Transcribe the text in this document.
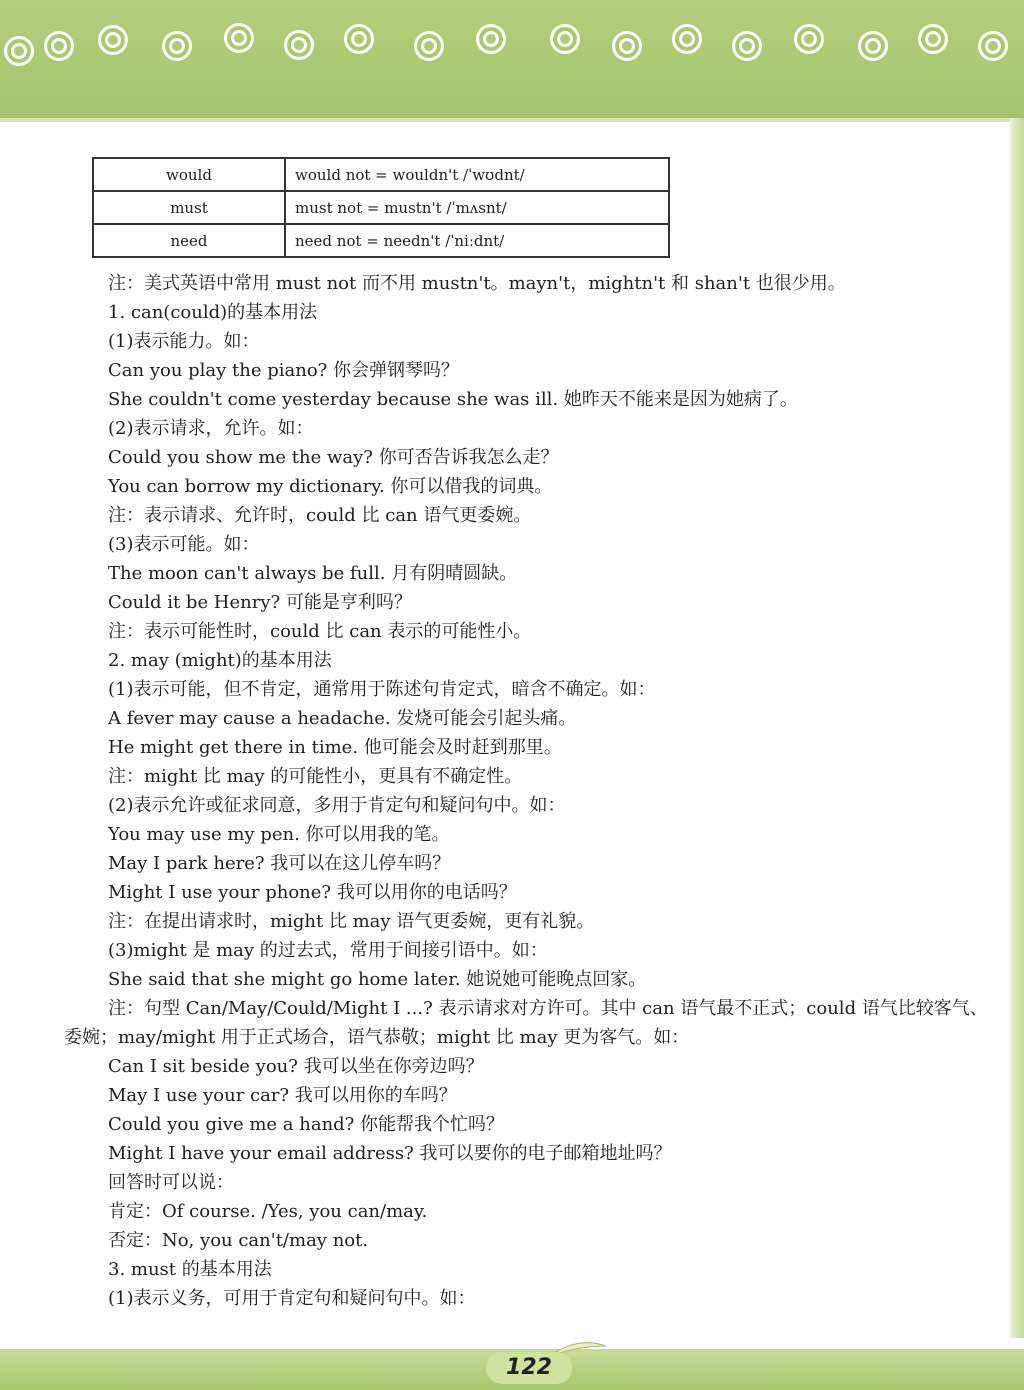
would	would not = wouldn't /ˈwʊdnt/
must	must not = mustn't /ˈmʌsnt/
need	need not = needn't /ˈniːdnt/
注：美式英语中常用 must not 而不用 mustn't。mayn't，mightn't 和 shan't 也很少用。
1. can(could)的基本用法
(1)表示能力。如：
Can you play the piano? 你会弹钢琴吗？
She couldn't come yesterday because she was ill. 她昨天不能来是因为她病了。
(2)表示请求，允许。如：
Could you show me the way? 你可否告诉我怎么走？
You can borrow my dictionary. 你可以借我的词典。
注：表示请求、允许时，could 比 can 语气更委婉。
(3)表示可能。如：
The moon can't always be full. 月有阴晴圆缺。
Could it be Henry? 可能是亨利吗？
注：表示可能性时，could 比 can 表示的可能性小。
2. may (might)的基本用法
(1)表示可能，但不肯定，通常用于陈述句肯定式，暗含不确定。如：
A fever may cause a headache. 发烧可能会引起头痛。
He might get there in time. 他可能会及时赶到那里。
注：might 比 may 的可能性小，更具有不确定性。
(2)表示允许或征求同意，多用于肯定句和疑问句中。如：
You may use my pen. 你可以用我的笔。
May I park here? 我可以在这儿停车吗？
Might I use your phone? 我可以用你的电话吗？
注：在提出请求时，might 比 may 语气更委婉，更有礼貌。
(3)might 是 may 的过去式，常用于间接引语中。如：
She said that she might go home later. 她说她可能晚点回家。
注：句型 Can/May/Could/Might I ...? 表示请求对方许可。其中 can 语气最不正式；could 语气比较客气、委婉；may/might 用于正式场合，语气恭敬；might 比 may 更为客气。如：
Can I sit beside you? 我可以坐在你旁边吗？
May I use your car? 我可以用你的车吗？
Could you give me a hand? 你能帮我个忙吗？
Might I have your email address? 我可以要你的电子邮箱地址吗？
回答时可以说：
肯定：Of course. /Yes, you can/may.
否定：No, you can't/may not.
3. must 的基本用法
(1)表示义务，可用于肯定句和疑问句中。如：
122
